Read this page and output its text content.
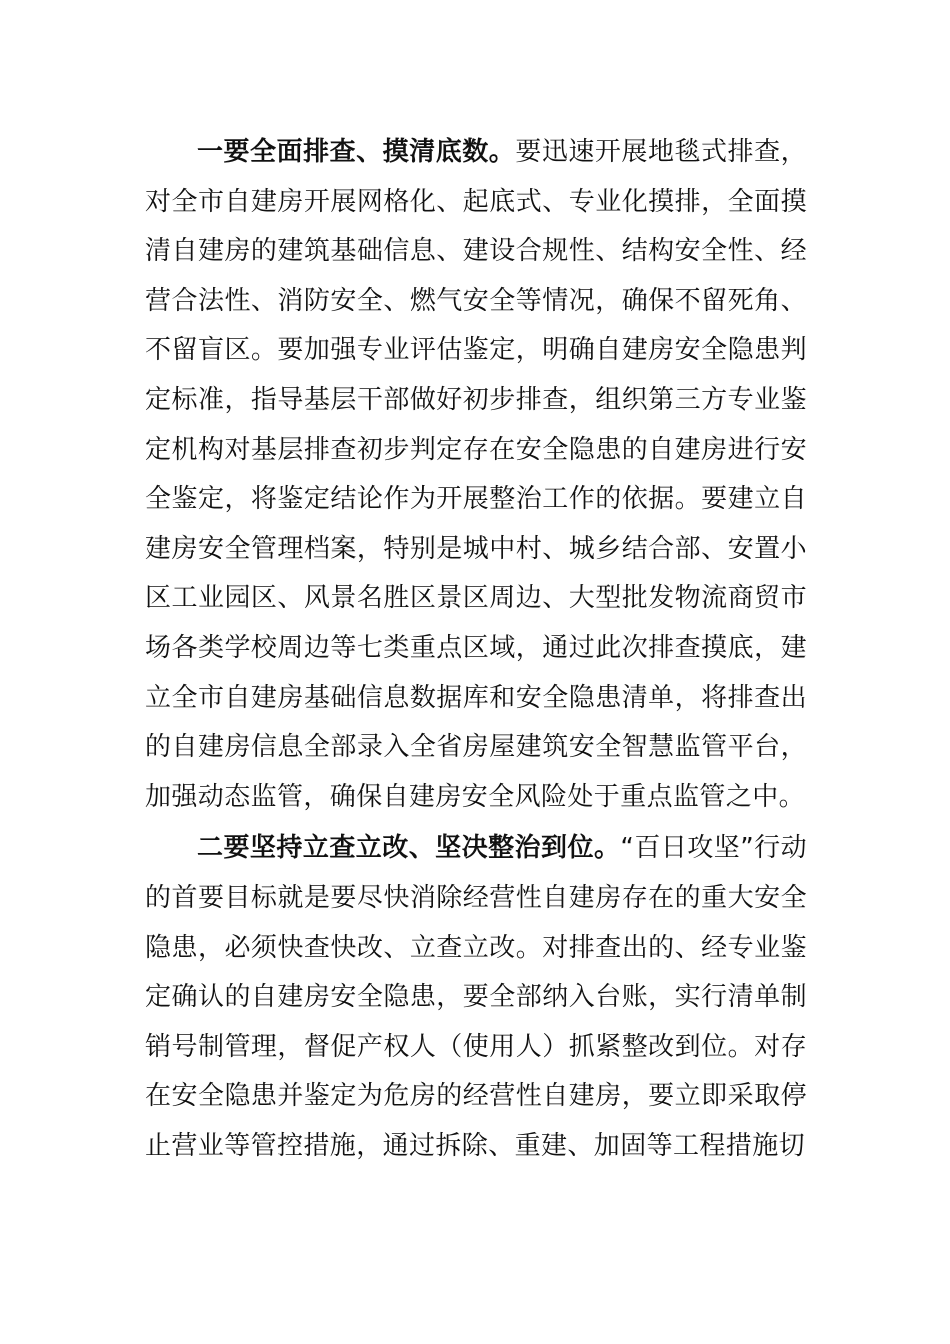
一要全面排查、摸清底数。要迅速开展地毯式排查，对全市自建房开展网格化、起底式、专业化摸排，全面摸清自建房的建筑基础信息、建设合规性、结构安全性、经营合法性、消防安全、燃气安全等情况，确保不留死角、不留盲区。要加强专业评估鉴定，明确自建房安全隐患判定标准，指导基层干部做好初步排查，组织第三方专业鉴定机构对基层排查初步判定存在安全隐患的自建房进行安全鉴定，将鉴定结论作为开展整治工作的依据。要建立自建房安全管理档案，特别是城中村、城乡结合部、安置小区工业园区、风景名胜区景区周边、大型批发物流商贸市场各类学校周边等七类重点区域，通过此次排查摸底，建立全市自建房基础信息数据库和安全隐患清单，将排查出的自建房信息全部录入全省房屋建筑安全智慧监管平台，加强动态监管，确保自建房安全风险处于重点监管之中。

二要坚持立查立改、坚决整治到位。“百日攻坚”行动的首要目标就是要尽快消除经营性自建房存在的重大安全隐患，必须快查快改、立查立改。对排查出的、经专业鉴定确认的自建房安全隐患，要全部纳入台账，实行清单制销号制管理，督促产权人（使用人）抓紧整改到位。对存在安全隐患并鉴定为危房的经营性自建房，要立即采取停止营业等管控措施，通过拆除、重建、加固等工程措施切
